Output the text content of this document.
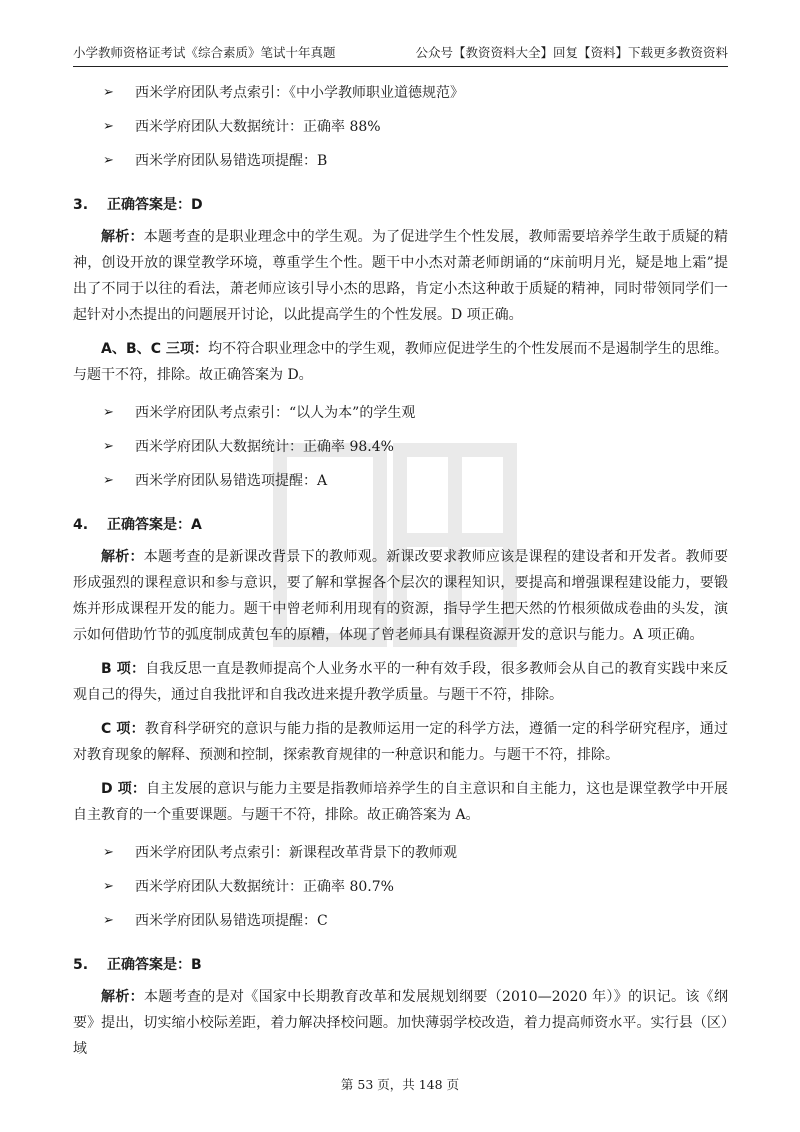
小学教师资格证考试《综合素质》笔试十年真题	公众号【教资资料大全】回复【资料】下载更多教资资料
➢ 西米学府团队考点索引：《中小学教师职业道德规范》
➢ 西米学府团队大数据统计：正确率 88%
➢ 西米学府团队易错选项提醒：B
3. 正确答案是：D
解析：本题考查的是职业理念中的学生观。为了促进学生个性发展，教师需要培养学生敢于质疑的精神，创设开放的课堂教学环境，尊重学生个性。题干中小杰对萧老师朗诵的“床前明月光，疑是地上霜”提出了不同于以往的看法，萧老师应该引导小杰的思路，肯定小杰这种敢于质疑的精神，同时带领同学们一起针对小杰提出的问题展开讨论，以此提高学生的个性发展。D 项正确。
A、B、C 三项：均不符合职业理念中的学生观，教师应促进学生的个性发展而不是遏制学生的思维。与题干不符，排除。故正确答案为 D。
➢ 西米学府团队考点索引：“以人为本”的学生观
➢ 西米学府团队大数据统计：正确率 98.4%
➢ 西米学府团队易错选项提醒：A
4. 正确答案是：A
解析：本题考查的是新课改背景下的教师观。新课改要求教师应该是课程的建设者和开发者。教师要形成强烈的课程意识和参与意识，要了解和掌握各个层次的课程知识，要提高和增强课程建设能力，要锻炼并形成课程开发的能力。题干中曾老师利用现有的资源，指导学生把天然的竹根须做成卷曲的头发，演示如何借助竹节的弧度制成黄包车的原糟，体现了曾老师具有课程资源开发的意识与能力。A 项正确。
B 项：自我反思一直是教师提高个人业务水平的一种有效手段，很多教师会从自己的教育实践中来反观自己的得失，通过自我批评和自我改进来提升教学质量。与题干不符，排除。
C 项：教育科学研究的意识与能力指的是教师运用一定的科学方法，遵循一定的科学研究程序，通过对教育现象的解释、预测和控制，探索教育规律的一种意识和能力。与题干不符，排除。
D 项：自主发展的意识与能力主要是指教师培养学生的自主意识和自主能力，这也是课堂教学中开展自主教育的一个重要课题。与题干不符，排除。故正确答案为 A。
➢ 西米学府团队考点索引：新课程改革背景下的教师观
➢ 西米学府团队大数据统计：正确率 80.7%
➢ 西米学府团队易错选项提醒：C
5. 正确答案是：B
解析：本题考查的是对《国家中长期教育改革和发展规划纲要（2010—2020 年）》的识记。该《纲要》提出，切实缩小校际差距，着力解决择校问题。加快薄弱学校改造，着力提高师资水平。实行县（区）域
第 53 页，共 148 页
